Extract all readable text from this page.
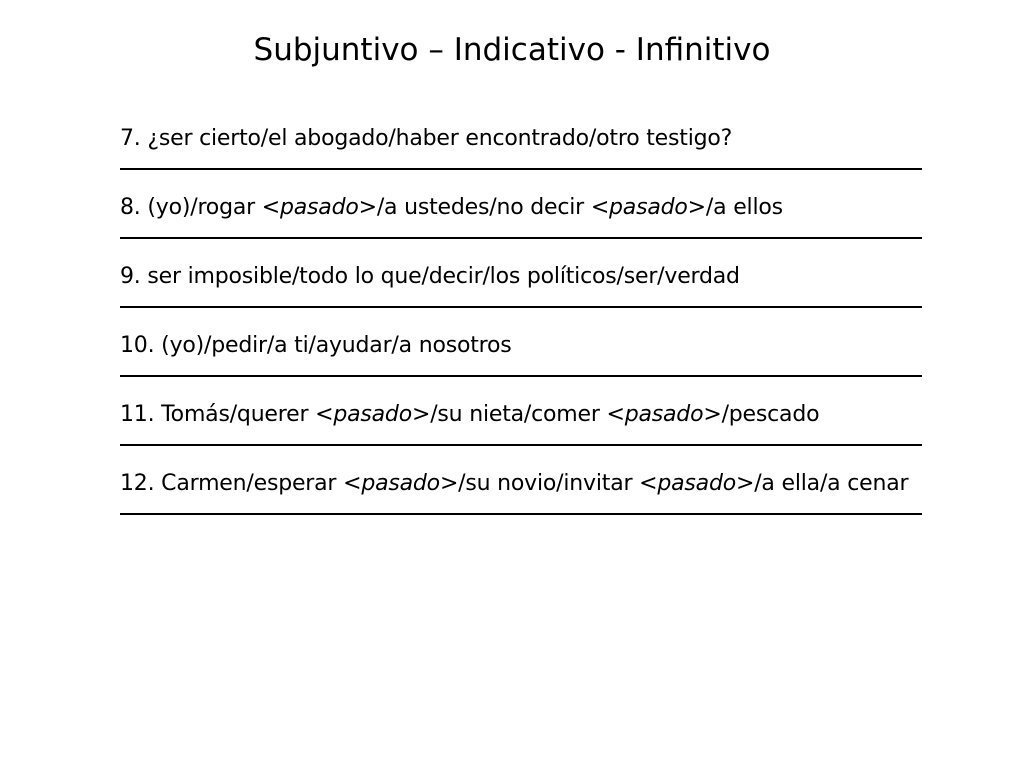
Subjuntivo – Indicativo - Infinitivo
7. ¿ser cierto/el abogado/haber encontrado/otro testigo?
8. (yo)/rogar <pasado>/a ustedes/no decir <pasado>/a ellos
9. ser imposible/todo lo que/decir/los políticos/ser/verdad
10. (yo)/pedir/a ti/ayudar/a nosotros
11. Tomás/querer <pasado>/su nieta/comer <pasado>/pescado
12. Carmen/esperar <pasado>/su novio/invitar <pasado>/a ella/a cenar
